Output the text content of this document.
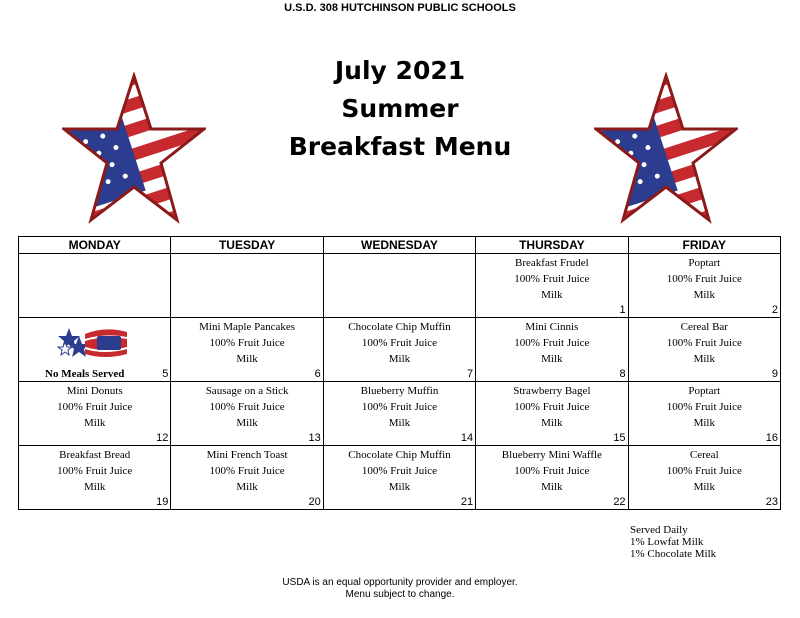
U.S.D. 308 HUTCHINSON PUBLIC SCHOOLS
July 2021
Summer
Breakfast Menu
MONDAY	TUESDAY	WEDNESDAY	THURSDAY	FRIDAY

			Breakfast Frudel
100% Fruit Juice
Milk
1	Poptart
100% Fruit Juice
Milk
2

No Meals Served 5	Mini Maple Pancakes
100% Fruit Juice
Milk
6	Chocolate Chip Muffin
100% Fruit Juice
Milk
7	Mini Cinnis
100% Fruit Juice
Milk
8	Cereal Bar
100% Fruit Juice
Milk
9

Mini Donuts
100% Fruit Juice
Milk
12	Sausage on a Stick
100% Fruit Juice
Milk
13	Blueberry Muffin
100% Fruit Juice
Milk
14	Strawberry Bagel
100% Fruit Juice
Milk
15	Poptart
100% Fruit Juice
Milk
16

Breakfast Bread
100% Fruit Juice
Milk
19	Mini French Toast
100% Fruit Juice
Milk
20	Chocolate Chip Muffin
100% Fruit Juice
Milk
21	Blueberry Mini Waffle
100% Fruit Juice
Milk
22	Cereal
100% Fruit Juice
Milk
23
Served Daily
1% Lowfat Milk
1% Chocolate Milk
USDA is an equal opportunity provider and employer.
Menu subject to change.
